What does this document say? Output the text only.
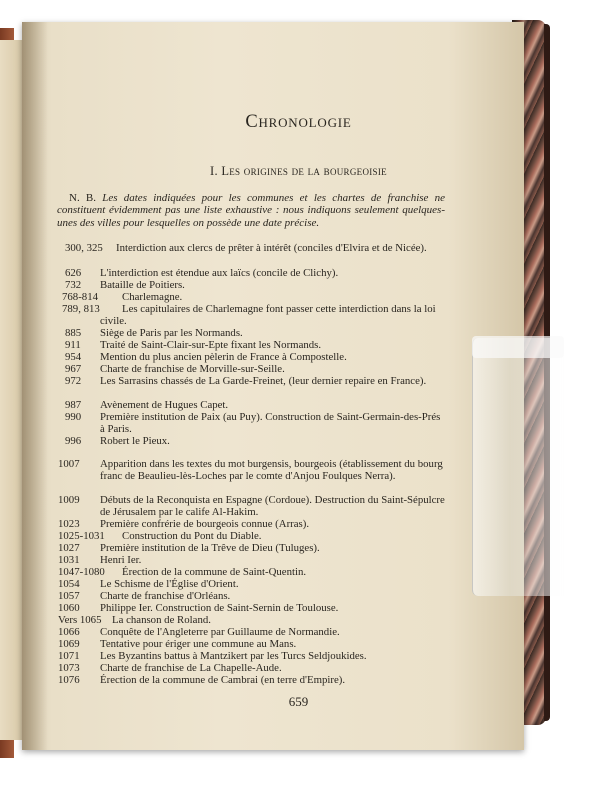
Chronologie
I. Les origines de la bourgeoisie
N. B. Les dates indiquées pour les communes et les chartes de franchise ne constituent évidemment pas une liste exhaustive : nous indiquons seulement quelques-unes des villes pour lesquelles on possède une date précise.
300, 325	Interdiction aux clercs de prêter à intérêt (conciles d'Elvira et de Nicée).
626 L'interdiction est étendue aux laïcs (concile de Clichy).
732 Bataille de Poitiers.
768-814 Charlemagne.
789, 813	Les capitulaires de Charlemagne font passer cette interdiction dans la loi civile.
885 Siège de Paris par les Normands.
911 Traité de Saint-Clair-sur-Epte fixant les Normands.
954 Mention du plus ancien pèlerin de France à Compostelle.
967 Charte de franchise de Morville-sur-Seille.
972 Les Sarrasins chassés de La Garde-Freinet, (leur dernier repaire en France).
987 Avènement de Hugues Capet.
990 Première institution de Paix (au Puy). Construction de Saint-Germain-des-Prés à Paris.
996 Robert le Pieux.
1007 Apparition dans les textes du mot burgensis, bourgeois (établissement du bourg franc de Beaulieu-lès-Loches par le comte d'Anjou Foulques Nerra).
1009 Débuts de la Reconquista en Espagne (Cordoue). Destruction du Saint-Sépulcre de Jérusalem par le calife Al-Hakim.
1023 Première confrérie de bourgeois connue (Arras).
1025-1031 Construction du Pont du Diable.
1027 Première institution de la Trêve de Dieu (Tuluges).
1031 Henri Ier.
1047-1080 Érection de la commune de Saint-Quentin.
1054 Le Schisme de l'Église d'Orient.
1057 Charte de franchise d'Orléans.
1060 Philippe Ier. Construction de Saint-Sernin de Toulouse.
Vers 1065 La chanson de Roland.
1066 Conquête de l'Angleterre par Guillaume de Normandie.
1069 Tentative pour ériger une commune au Mans.
1071 Les Byzantins battus à Mantzikert par les Turcs Seldjoukides.
1073 Charte de franchise de La Chapelle-Aude.
1076 Érection de la commune de Cambrai (en terre d'Empire).
659
